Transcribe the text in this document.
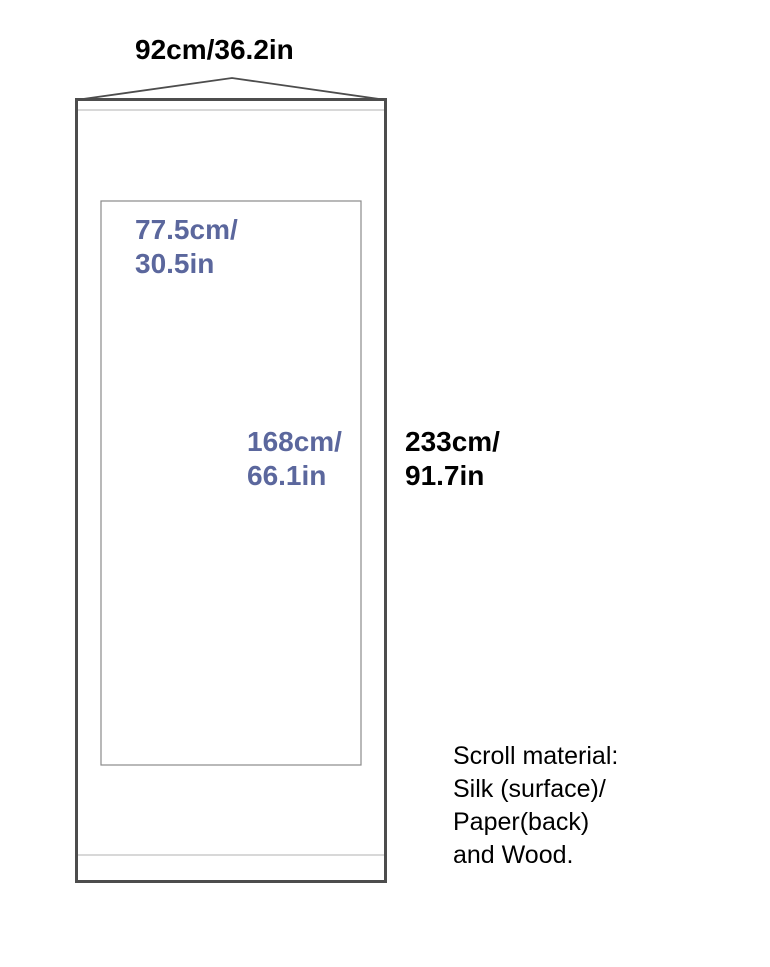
92cm/36.2in
77.5cm/
30.5in
168cm/
66.1in
233cm/
91.7in
Scroll material:
Silk (surface)/
Paper(back)
and Wood.
